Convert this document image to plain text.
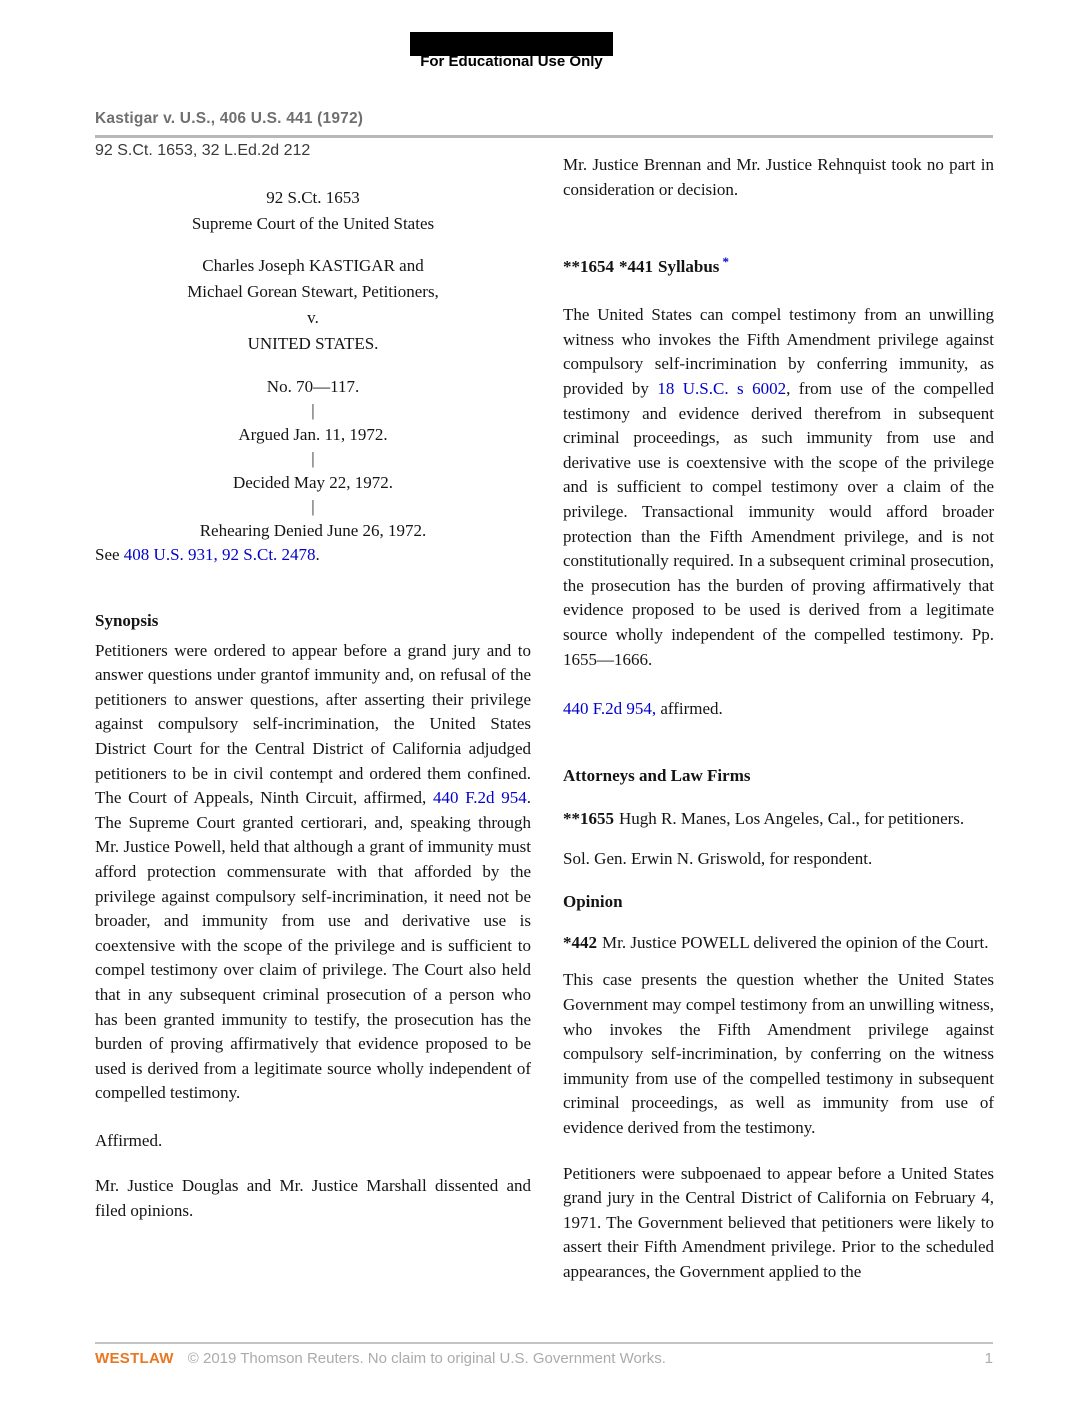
For Educational Use Only
Kastigar v. U.S., 406 U.S. 441 (1972)
92 S.Ct. 1653, 32 L.Ed.2d 212
92 S.Ct. 1653
Supreme Court of the United States
Charles Joseph KASTIGAR and
Michael Gorean Stewart, Petitioners,
v.
UNITED STATES.
No. 70—117.
|
Argued Jan. 11, 1972.
|
Decided May 22, 1972.
|
Rehearing Denied June 26, 1972.

See 408 U.S. 931, 92 S.Ct. 2478.

Synopsis

Petitioners were ordered to appear before a grand jury and to answer questions under grantof immunity and, on refusal of the petitioners to answer questions, after asserting their privilege against compulsory self-incrimination, the United States District Court for the Central District of California adjudged petitioners to be in civil contempt and ordered them confined. The Court of Appeals, Ninth Circuit, affirmed, 440 F.2d 954. The Supreme Court granted certiorari, and, speaking through Mr. Justice Powell, held that although a grant of immunity must afford protection commensurate with that afforded by the privilege against compulsory self-incrimination, it need not be broader, and immunity from use and derivative use is coextensive with the scope of the privilege and is sufficient to compel testimony over claim of privilege. The Court also held that in any subsequent criminal prosecution of a person who has been granted immunity to testify, the prosecution has the burden of proving affirmatively that evidence proposed to be used is derived from a legitimate source wholly independent of compelled testimony.

Affirmed.

Mr. Justice Douglas and Mr. Justice Marshall dissented and filed opinions.

Mr. Justice Brennan and Mr. Justice Rehnquist took no part in consideration or decision.

**1654 *441 Syllabus *

The United States can compel testimony from an unwilling witness who invokes the Fifth Amendment privilege against compulsory self-incrimination by conferring immunity, as provided by 18 U.S.C. s 6002, from use of the compelled testimony and evidence derived therefrom in subsequent criminal proceedings, as such immunity from use and derivative use is coextensive with the scope of the privilege and is sufficient to compel testimony over a claim of the privilege. Transactional immunity would afford broader protection than the Fifth Amendment privilege, and is not constitutionally required. In a subsequent criminal prosecution, the prosecution has the burden of proving affirmatively that evidence proposed to be used is derived from a legitimate source wholly independent of the compelled testimony. Pp. 1655—1666.

440 F.2d 954, affirmed.

Attorneys and Law Firms

**1655 Hugh R. Manes, Los Angeles, Cal., for petitioners.

Sol. Gen. Erwin N. Griswold, for respondent.

Opinion

*442 Mr. Justice POWELL delivered the opinion of the Court.

This case presents the question whether the United States Government may compel testimony from an unwilling witness, who invokes the Fifth Amendment privilege against compulsory self-incrimination, by conferring on the witness immunity from use of the compelled testimony in subsequent criminal proceedings, as well as immunity from use of evidence derived from the testimony.

Petitioners were subpoenaed to appear before a United States grand jury in the Central District of California on February 4, 1971. The Government believed that petitioners were likely to assert their Fifth Amendment privilege. Prior to the scheduled appearances, the Government applied to the

WESTLAW © 2019 Thomson Reuters. No claim to original U.S. Government Works.	1
